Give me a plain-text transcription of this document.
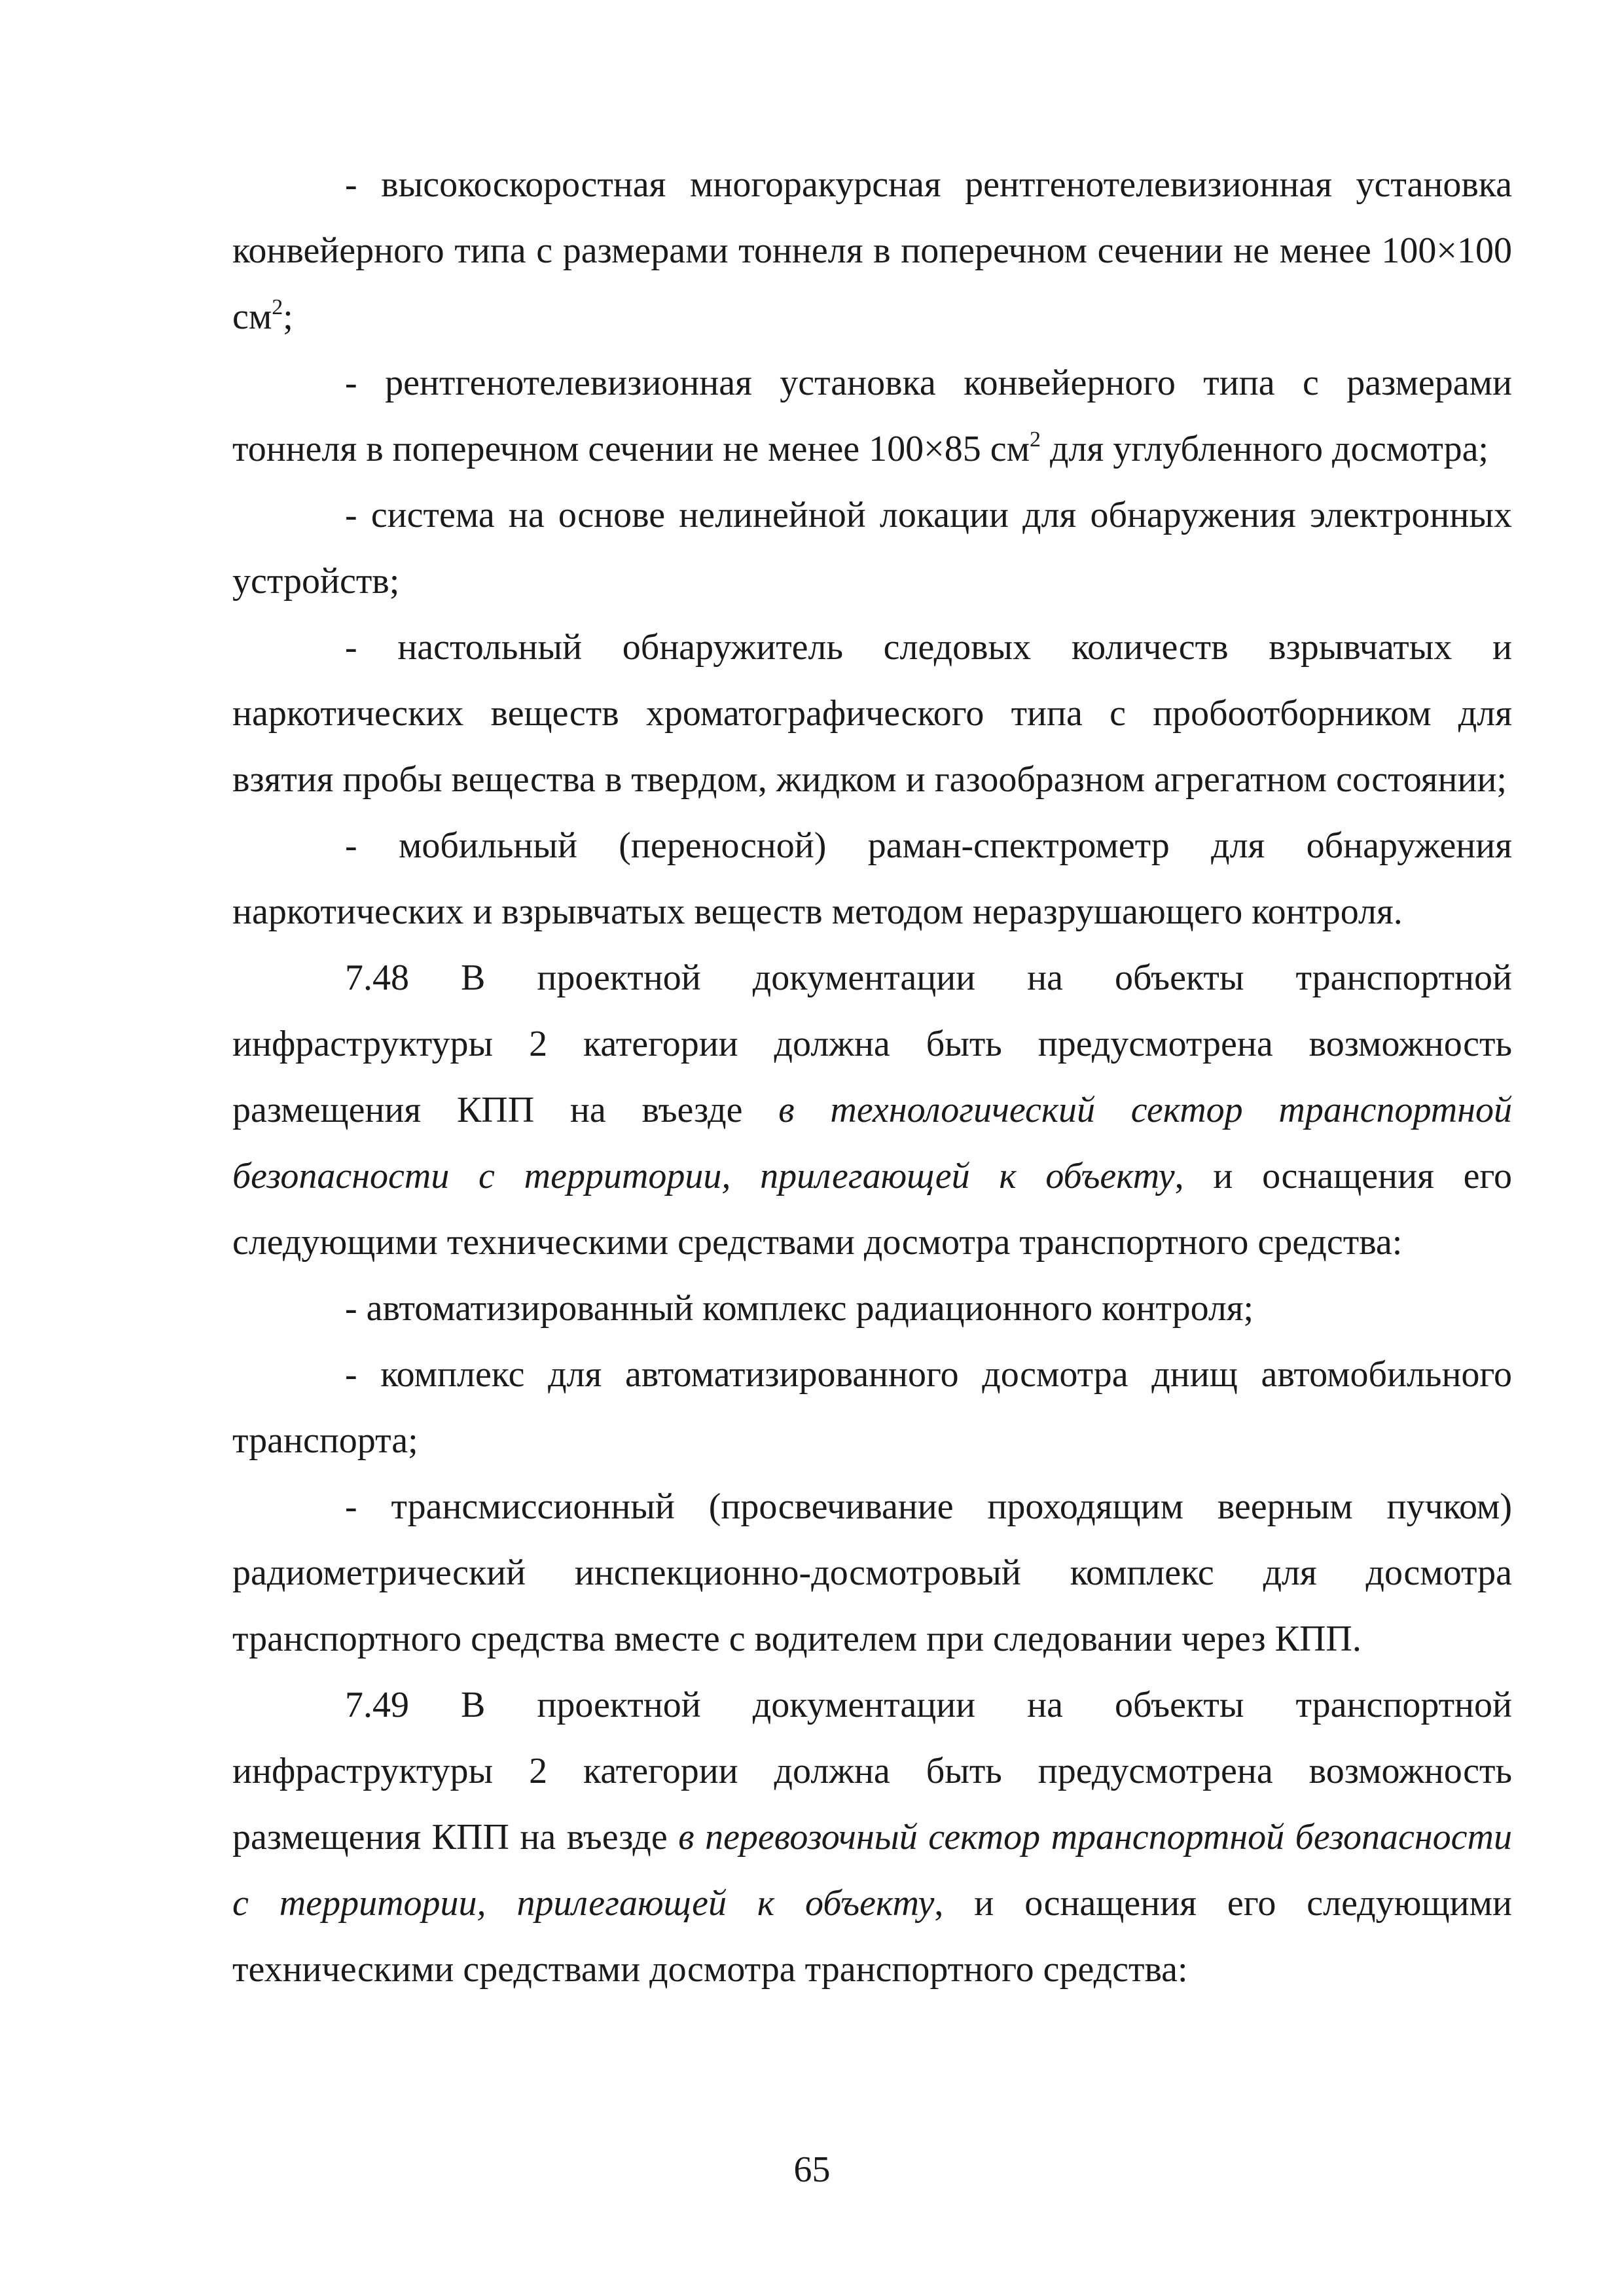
- высокоскоростная многоракурсная рентгенотелевизионная установка конвейерного типа с размерами тоннеля в поперечном сечении не менее 100×100 $см^2$;

- рентгенотелевизионная установка конвейерного типа с размерами тоннеля в поперечном сечении не менее 100×85 $см^2$ для углубленного досмотра;

- система на основе нелинейной локации для обнаружения электронных устройств;

- настольный обнаружитель следовых количеств взрывчатых и наркотических веществ хроматографического типа с пробоотборником для взятия пробы вещества в твердом, жидком и газообразном агрегатном состоянии;

- мобильный (переносной) раман-спектрометр для обнаружения наркотических и взрывчатых веществ методом неразрушающего контроля.

7.48 В проектной документации на объекты транспортной инфраструктуры 2 категории должна быть предусмотрена возможность размещения КПП на въезде в технологический сектор транспортной безопасности с территории, прилегающей к объекту, и оснащения его следующими техническими средствами досмотра транспортного средства:

- автоматизированный комплекс радиационного контроля;

- комплекс для автоматизированного досмотра днищ автомобильного транспорта;

- трансмиссионный (просвечивание проходящим веерным пучком) радиометрический инспекционно-досмотровый комплекс для досмотра транспортного средства вместе с водителем при следовании через КПП.

7.49 В проектной документации на объекты транспортной инфраструктуры 2 категории должна быть предусмотрена возможность размещения КПП на въезде в перевозочный сектор транспортной безопасности с территории, прилегающей к объекту, и оснащения его следующими техническими средствами досмотра транспортного средства:

65
